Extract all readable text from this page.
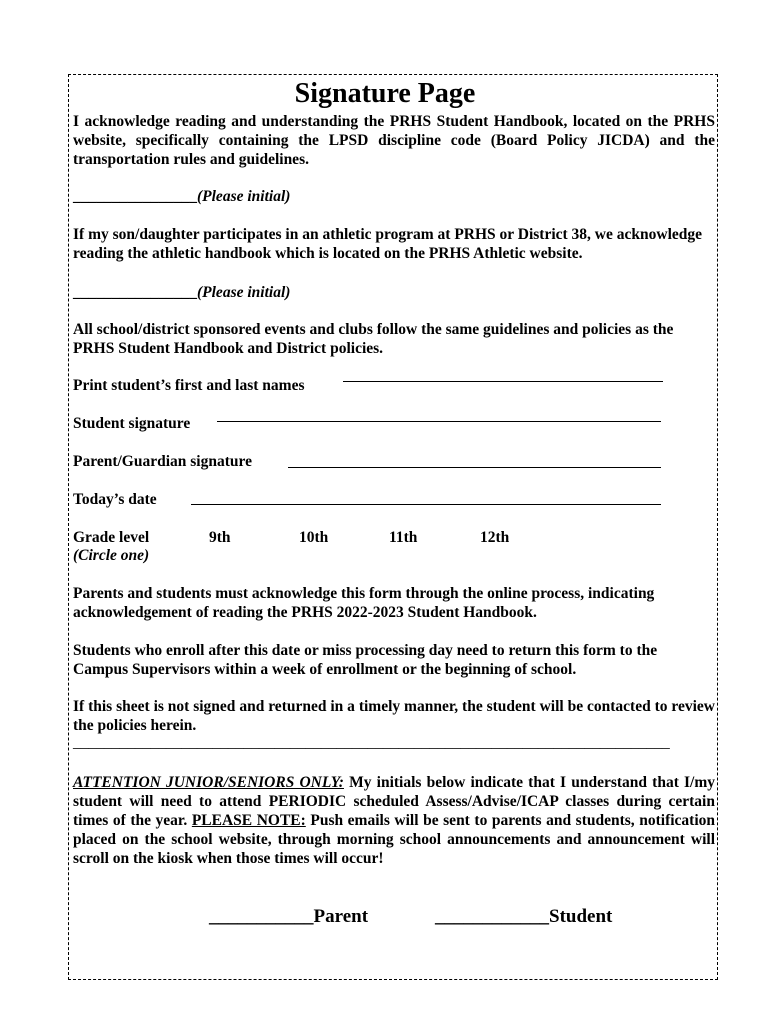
Signature Page
I acknowledge reading and understanding the PRHS Student Handbook, located on the PRHS website, specifically containing the LPSD discipline code (Board Policy JICDA) and the transportation rules and guidelines.
________________(Please initial)
If my son/daughter participates in an athletic program at PRHS or District 38, we acknowledge reading the athletic handbook which is located on the PRHS Athletic website.
________________(Please initial)
All school/district sponsored events and clubs follow the same guidelines and policies as the PRHS Student Handbook and District policies.
Print student’s first and last names
Student signature
Parent/Guardian signature
Today’s date
Grade level
(Circle one)
9th	10th	11th	12th
Parents and students must acknowledge this form through the online process, indicating acknowledgement of reading the PRHS 2022-2023 Student Handbook.
Students who enroll after this date or miss processing day need to return this form to the Campus Supervisors within a week of enrollment or the beginning of school.
If this sheet is not signed and returned in a timely manner, the student will be contacted to review the policies herein.
_____________________________________________________________________________
ATTENTION JUNIOR/SENIORS ONLY: My initials below indicate that I understand that I/my student will need to attend PERIODIC scheduled Assess/Advise/ICAP classes during certain times of the year. PLEASE NOTE: Push emails will be sent to parents and students, notification placed on the school website, through morning school announcements and announcement will scroll on the kiosk when those times will occur!
___________Parent	____________Student
